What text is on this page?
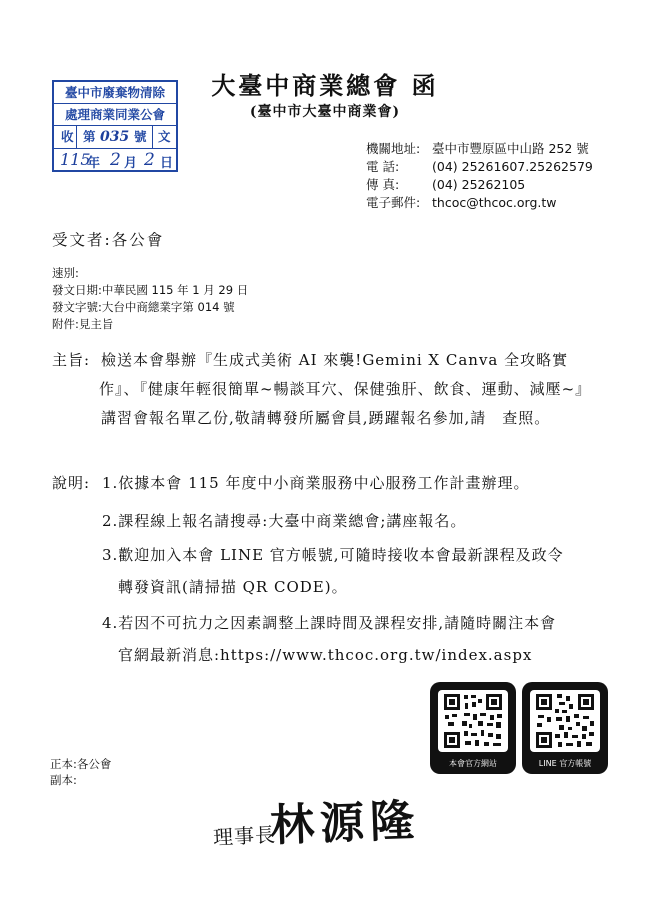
臺中市廢棄物清除
處理商業同業公會
收 第 035 號 文
115
年 2 月 2 日
大臺中商業總會 函
(臺中市大臺中商業會)
機關地址: 臺中市豐原區中山路 252 號
電 話:	(04) 25261607.25262579
傳 真:	(04) 25262105
電子郵件: thcoc@thcoc.org.tw
受文者:各公會
速別:
發文日期:中華民國 115 年 1 月 29 日
發文字號:大台中商總業字第 014 號
附件:見主旨
主旨: 檢送本會舉辦『生成式美術 AI 來襲!Gemini X Canva 全攻略實
作』、『健康年輕很簡單~暢談耳穴、保健強肝、飲食、運動、減壓~』
講習會報名單乙份,敬請轉發所屬會員,踴躍報名參加,請　查照。
說明: 1.依據本會 115 年度中小商業服務中心服務工作計畫辦理。
2.課程線上報名請搜尋:大臺中商業總會;講座報名。
3.歡迎加入本會 LINE 官方帳號,可隨時接收本會最新課程及政令
轉發資訊(請掃描 QR CODE)。
4.若因不可抗力之因素調整上課時間及課程安排,請隨時關注本會
官網最新消息:https://www.thcoc.org.tw/index.aspx
本會官方網站	LINE 官方帳號
正本:各公會
副本:
理事長
林源隆
